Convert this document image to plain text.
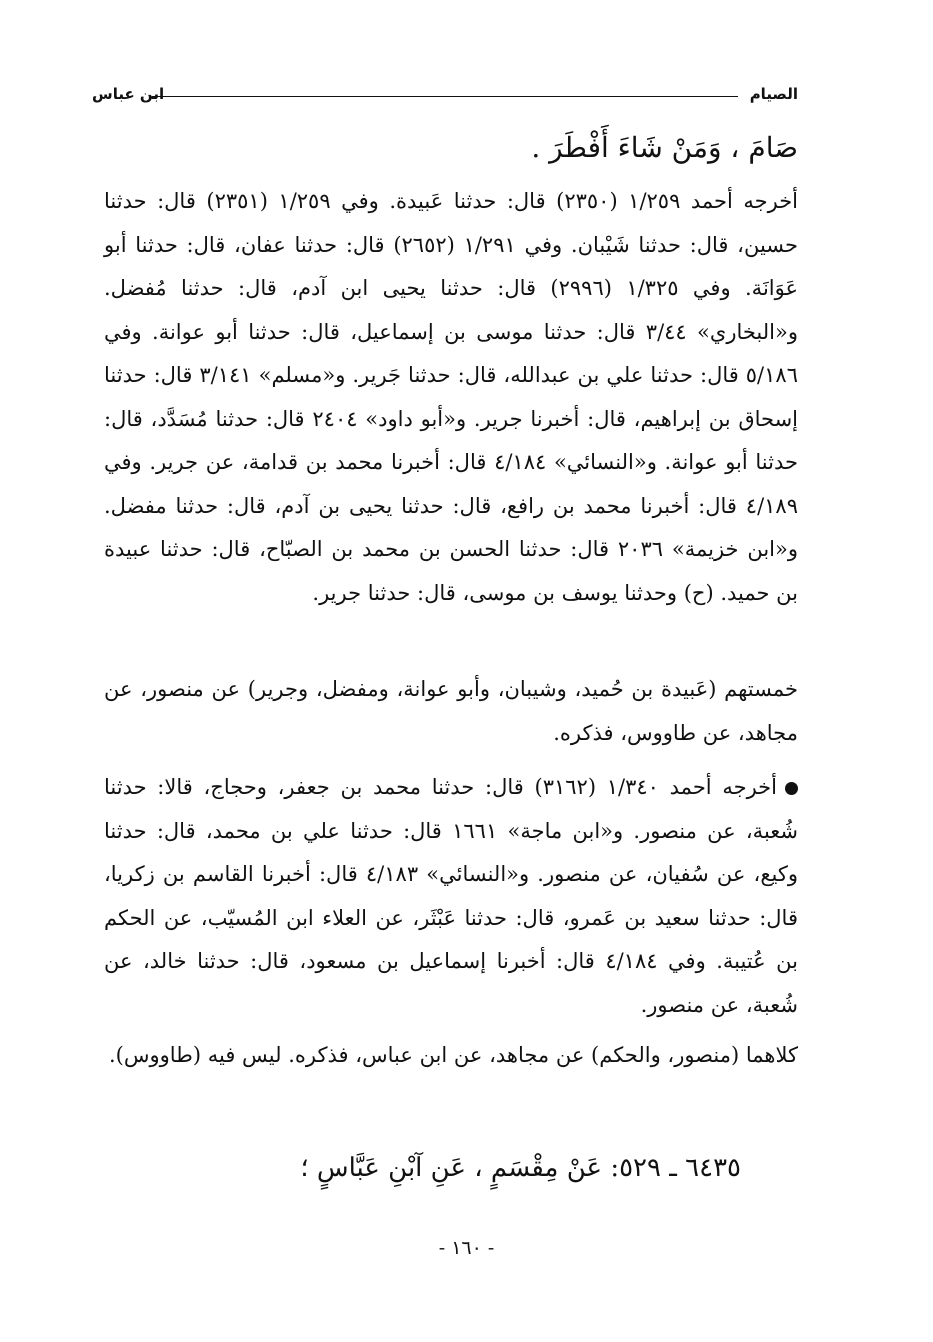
الصيام
ابن عباس
صَامَ ، وَمَنْ شَاءَ أَفْطَرَ .
أخرجه أحمد ١/٢٥٩ (٢٣٥٠) قال: حدثنا عَبيدة. وفي ١/٢٥٩ (٢٣٥١) قال: حدثنا حسين، قال: حدثنا شَيْبان. وفي ١/٢٩١ (٢٦٥٢) قال: حدثنا عفان، قال: حدثنا أبو عَوَانَة. وفي ١/٣٢٥ (٢٩٩٦) قال: حدثنا يحيى ابن آدم، قال: حدثنا مُفضل. و«البخاري» ٣/٤٤ قال: حدثنا موسى بن إسماعيل، قال: حدثنا أبو عوانة. وفي ٥/١٨٦ قال: حدثنا علي بن عبدالله، قال: حدثنا جَرير. و«مسلم» ٣/١٤١ قال: حدثنا إسحاق بن إبراهيم، قال: أخبرنا جرير. و«أبو داود» ٢٤٠٤ قال: حدثنا مُسَدَّد، قال: حدثنا أبو عوانة. و«النسائي» ٤/١٨٤ قال: أخبرنا محمد بن قدامة، عن جرير. وفي ٤/١٨٩ قال: أخبرنا محمد بن رافع، قال: حدثنا يحيى بن آدم، قال: حدثنا مفضل. و«ابن خزيمة» ٢٠٣٦ قال: حدثنا الحسن بن محمد بن الصبّاح، قال: حدثنا عبيدة بن حميد. (ح) وحدثنا يوسف بن موسى، قال: حدثنا جرير.
خمستهم (عَبيدة بن حُميد، وشيبان، وأبو عوانة، ومفضل، وجرير) عن منصور، عن مجاهد، عن طاووس، فذكره.
أخرجه أحمد ١/٣٤٠ (٣١٦٢) قال: حدثنا محمد بن جعفر، وحجاج، قالا: حدثنا شُعبة، عن منصور. و«ابن ماجة» ١٦٦١ قال: حدثنا علي بن محمد، قال: حدثنا وكيع، عن سُفيان، عن منصور. و«النسائي» ٤/١٨٣ قال: أخبرنا القاسم بن زكريا، قال: حدثنا سعيد بن عَمرو، قال: حدثنا عَبْثَر، عن العلاء ابن المُسيّب، عن الحكم بن عُتيبة. وفي ٤/١٨٤ قال: أخبرنا إسماعيل بن مسعود، قال: حدثنا خالد، عن شُعبة، عن منصور.
كلاهما (منصور، والحكم) عن مجاهد، عن ابن عباس، فذكره. ليس فيه (طاووس).
٦٤٣٥ ـ ٥٢٩: عَنْ مِقْسَمٍ ، عَنِ آبْنِ عَبَّاسٍ ؛
- ١٦٠ -
